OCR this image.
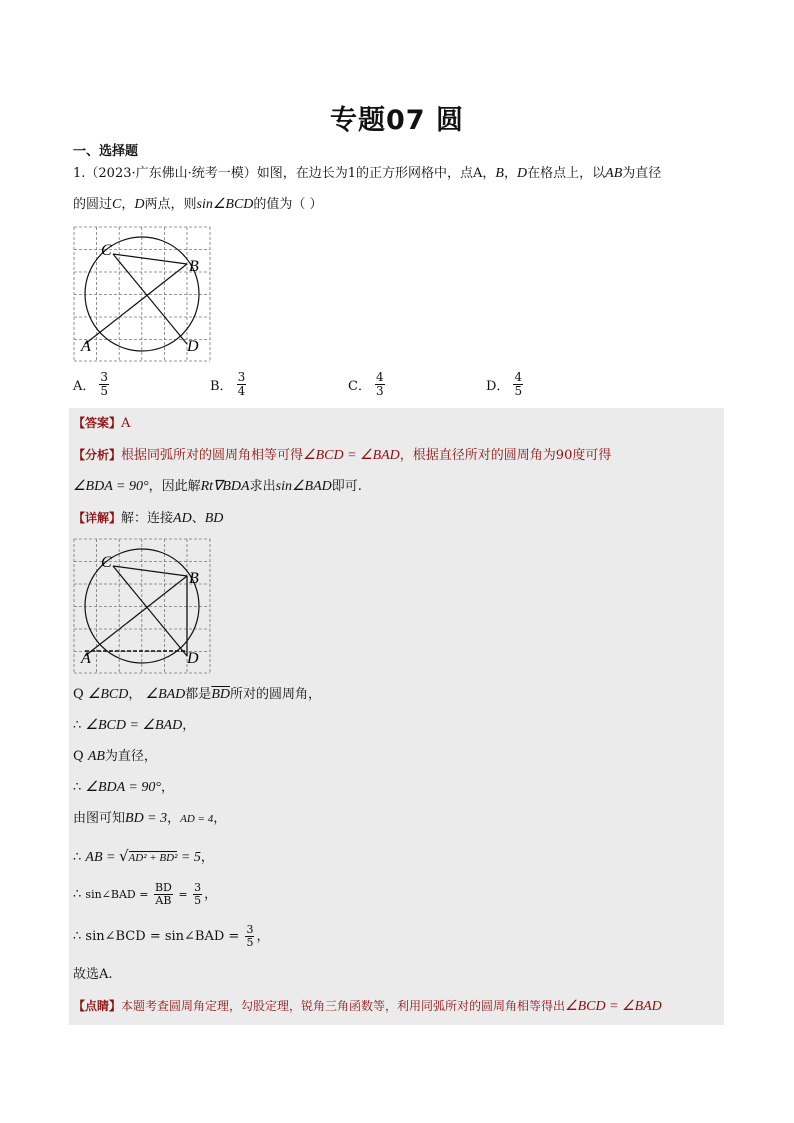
专题07 圆
一、选择题
1.（2023·广东佛山·统考一模）如图，在边长为1的正方形网格中，点A，B，D在格点上，以AB为直径
的圆过C，D两点，则sin∠BCD的值为（ ）
C
B
A	D
A． $\frac{3}{5}$	B． $\frac{3}{4}$	C． $\frac{4}{3}$	D． $\frac{4}{5}$
【答案】A
【分析】根据同弧所对的圆周角相等可得∠BCD = ∠BAD，根据直径所对的圆周角为90度可得
∠BDA = 90°，因此解Rt∇BDA求出sin∠BAD即可.
【详解】解：连接AD、BD
C
B
A	D
Q ∠BCD， ∠BAD都是$\overline{BD}$所对的圆周角，
∴ ∠BCD = ∠BAD，
Q AB为直径，
∴ ∠BDA = 90°，
由图可知BD = 3，AD = 4，
∴ AB = √AD² + BD² = 5，
∴ sin∠BAD = $\frac{BD}{AB} = \frac{3}{5}$ ，
∴ sin∠BCD = sin∠BAD = $\frac{3}{5}$ ，
故选A.
【点睛】本题考查圆周角定理，勾股定理，锐角三角函数等，利用同弧所对的圆周角相等得出∠BCD = ∠BAD
